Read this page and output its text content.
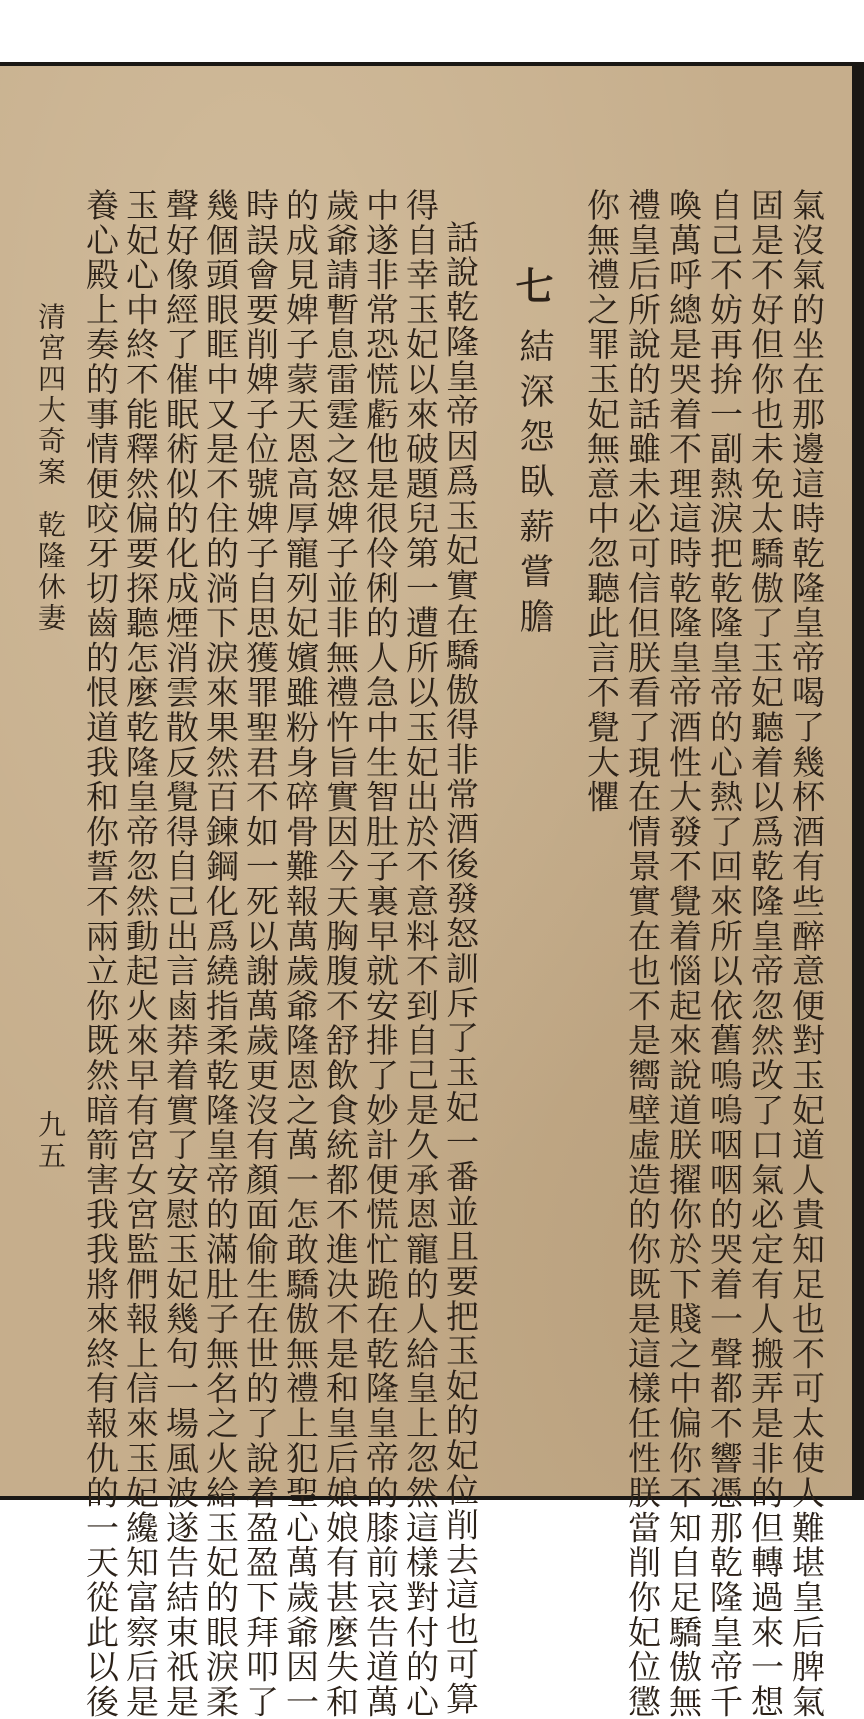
氣沒氣的坐在那邊這時乾隆皇帝喝了幾杯酒有些醉意便對玉妃道人貴知足也不可太使人難堪皇后脾氣
固是不好但你也未免太驕傲了玉妃聽着以爲乾隆皇帝忽然改了口氣必定有人搬弄是非的但轉過來一想
自己不妨再拚一副熱淚把乾隆皇帝的心熱了回來所以依舊嗚嗚咽咽的哭着一聲都不響憑那乾隆皇帝千
喚萬呼總是哭着不理這時乾隆皇帝酒性大發不覺着惱起來說道朕擢你於下賤之中偏你不知自足驕傲無
禮皇后所說的話雖未必可信但朕看了現在情景實在也不是嚮壁虛造的你既是這樣任性朕當削你妃位懲
你無禮之罪玉妃無意中忽聽此言不覺大懼
七
結深怨臥薪嘗膽
話說乾隆皇帝因爲玉妃實在驕傲得非常酒後發怒訓斥了玉妃一番並且要把玉妃的妃位削去這也可算
得自幸玉妃以來破題兒第一遭所以玉妃出於不意料不到自己是久承恩寵的人給皇上忽然這樣對付的心
中遂非常恐慌虧他是很伶俐的人急中生智肚子裏早就安排了妙計便慌忙跪在乾隆皇帝的膝前哀告道萬
歲爺請暫息雷霆之怒婢子並非無禮忤旨實因今天胸腹不舒飲食統都不進决不是和皇后娘娘有甚麼失和
的成見婢子蒙天恩高厚寵列妃嬪雖粉身碎骨難報萬歲爺隆恩之萬一怎敢驕傲無禮上犯聖心萬歲爺因一
時誤會要削婢子位號婢子自思獲罪聖君不如一死以謝萬歲更沒有顏面偷生在世的了說着盈盈下拜叩了
幾個頭眼眶中又是不住的淌下淚來果然百鍊鋼化爲繞指柔乾隆皇帝的滿肚子無名之火給玉妃的眼淚柔
聲好像經了催眠術似的化成煙消雲散反覺得自己出言鹵莽着實了安慰玉妃幾句一場風波遂告結束祇是
玉妃心中終不能釋然偏要探聽怎麼乾隆皇帝忽然動起火來早有宮女宮監們報上信來玉妃纔知富察后是
養心殿上奏的事情便咬牙切齒的恨道我和你誓不兩立你既然暗箭害我我將來終有報仇的一天從此以後
清宮四大奇案
乾隆休妻
九五
